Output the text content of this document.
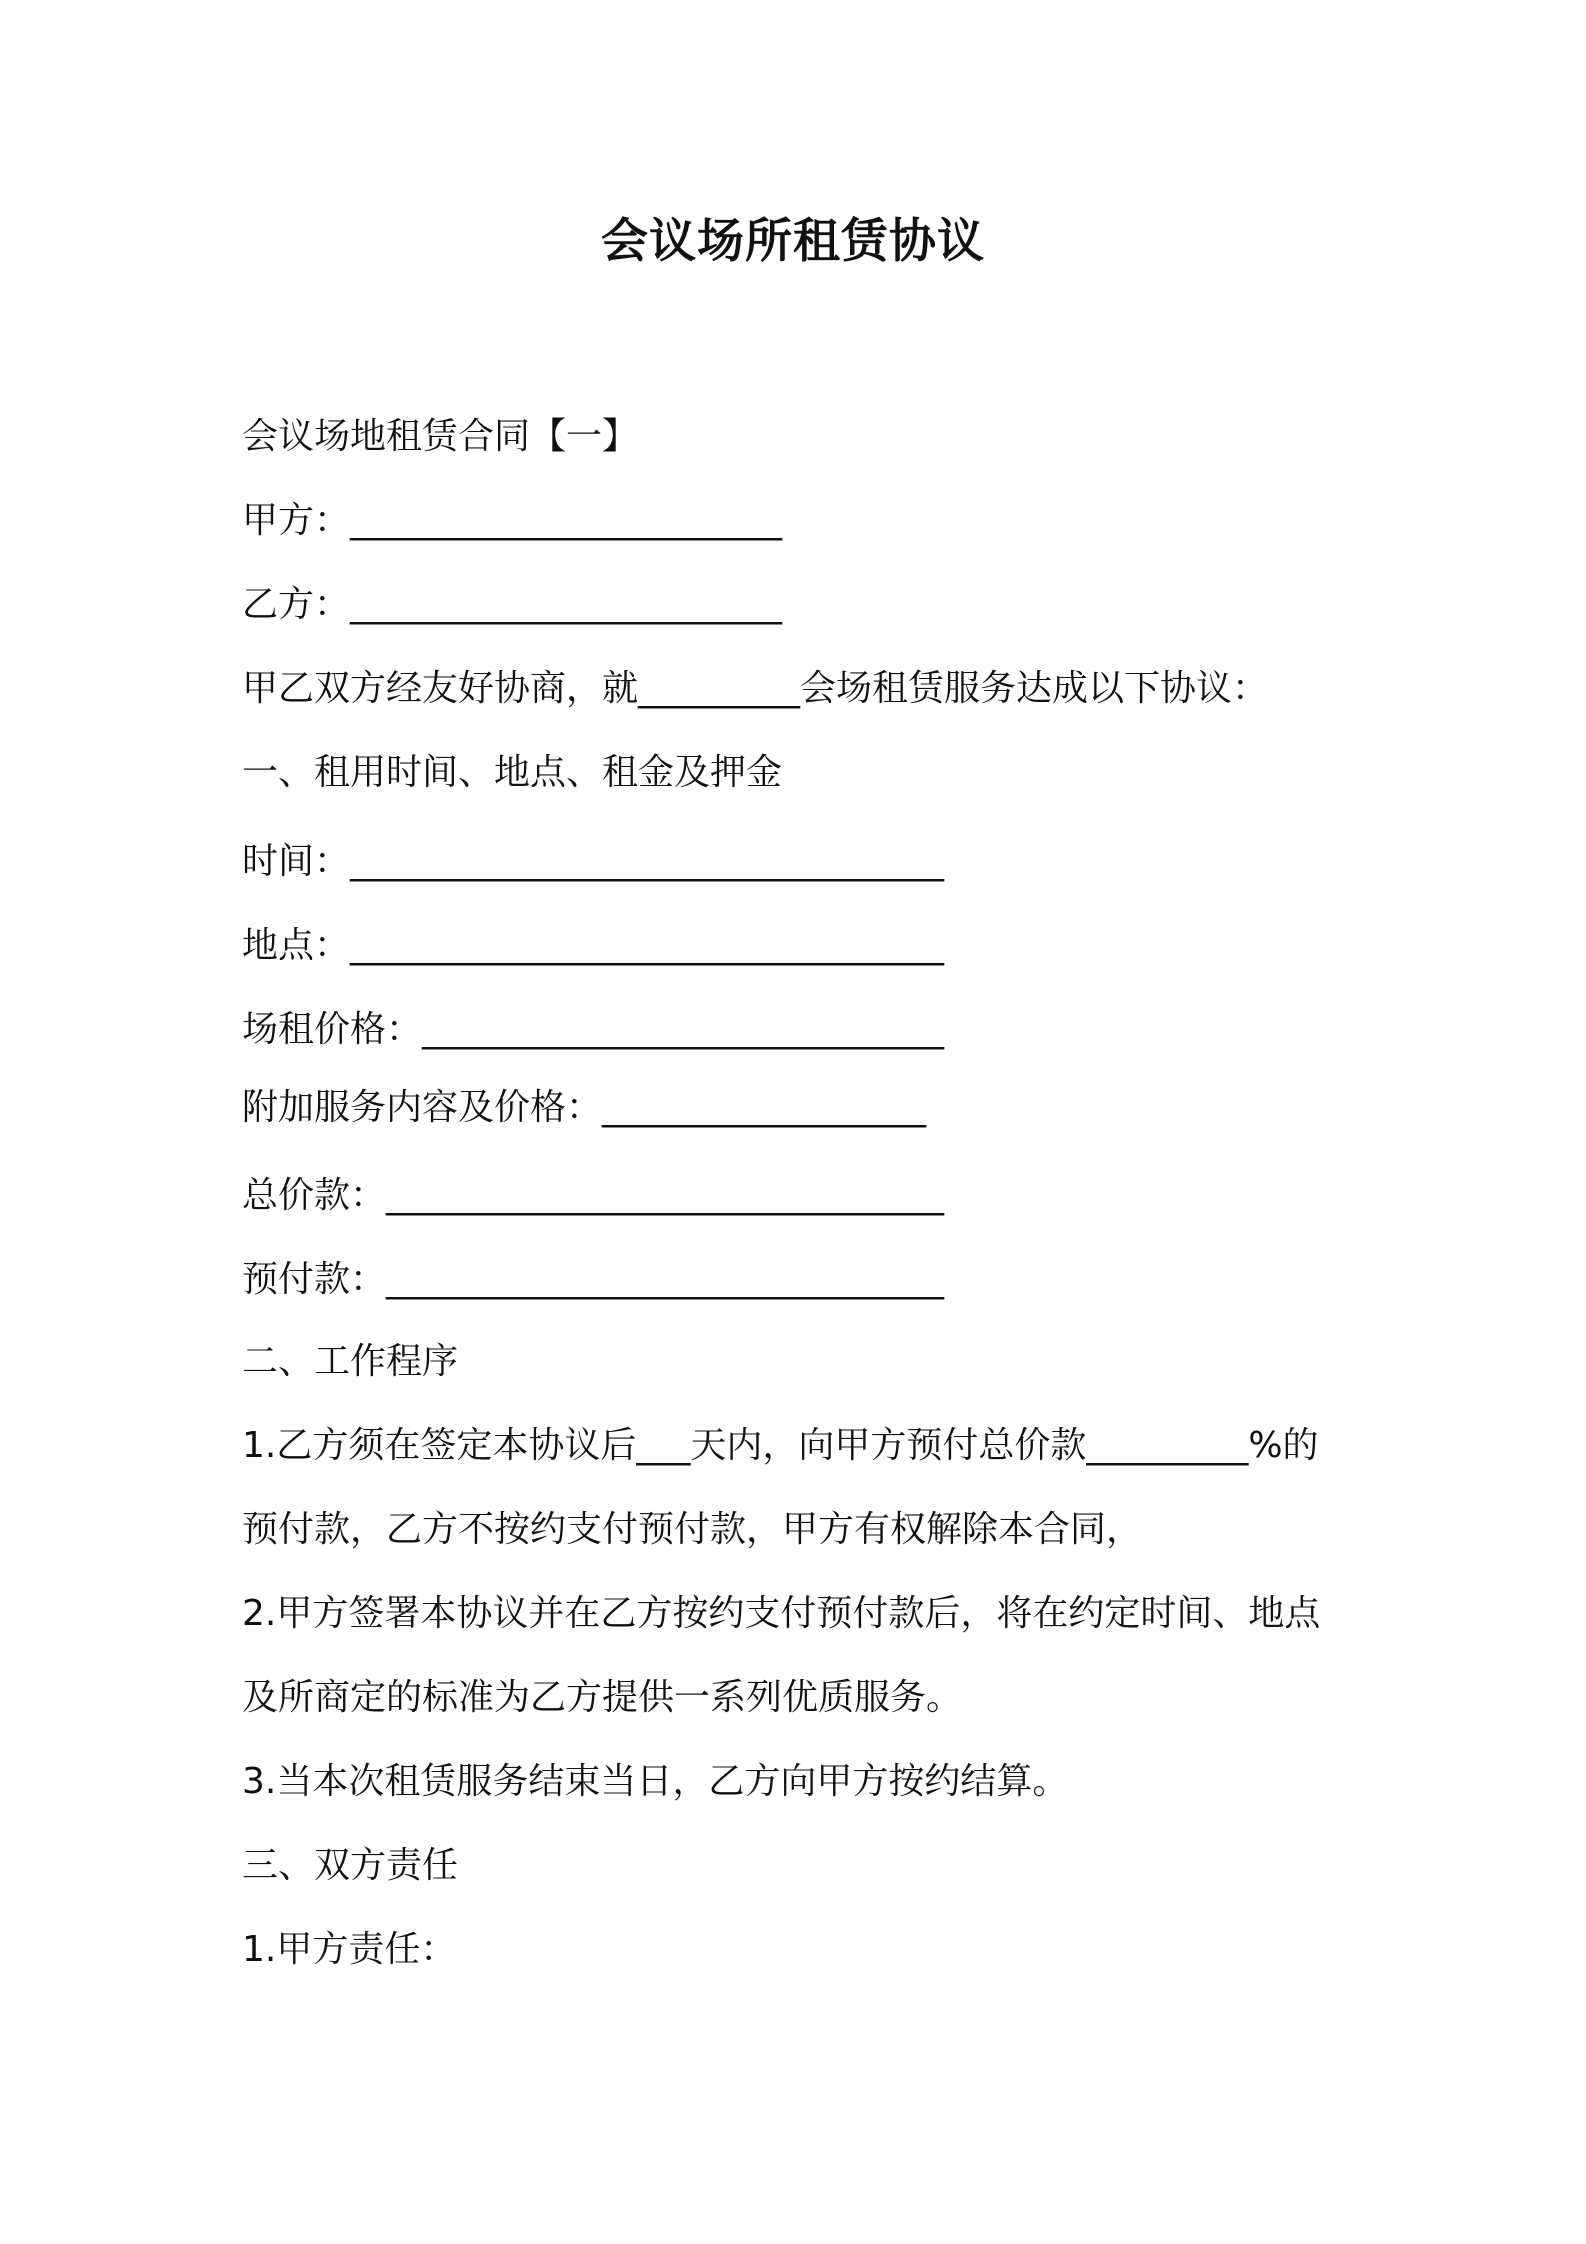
会议场所租赁协议

会议场地租赁合同【一】

甲方：________________________

乙方：________________________

甲乙双方经友好协商，就_________会场租赁服务达成以下协议：

一、租用时间、地点、租金及押金

时间：_________________________________

地点：_________________________________

场租价格：_____________________________

附加服务内容及价格：__________________

总价款：_______________________________

预付款：_______________________________

二、工作程序

1.乙方须在签定本协议后___天内，向甲方预付总价款_________%的

预付款，乙方不按约支付预付款，甲方有权解除本合同，

2.甲方签署本协议并在乙方按约支付预付款后，将在约定时间、地点

及所商定的标准为乙方提供一系列优质服务。

3.当本次租赁服务结束当日，乙方向甲方按约结算。

三、双方责任

1.甲方责任：
